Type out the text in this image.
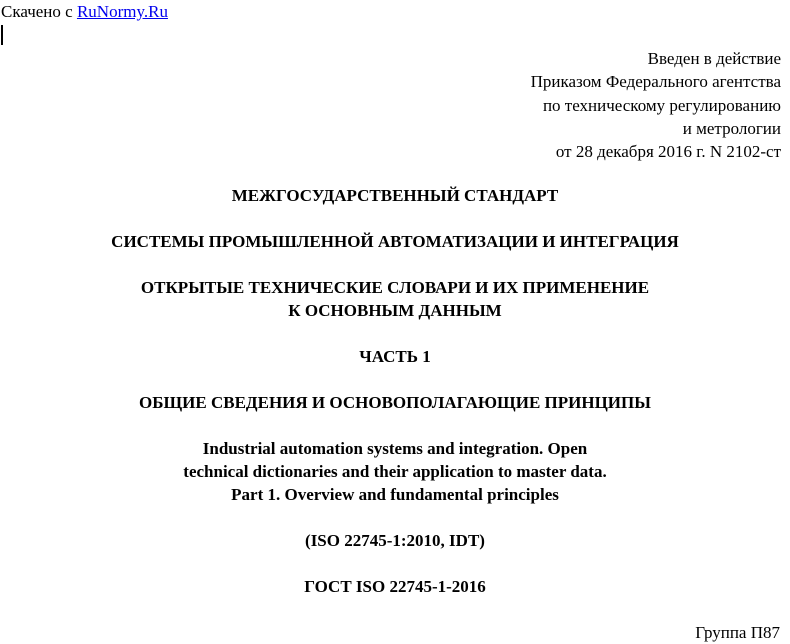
Скачено с RuNormy.Ru
Введен в действие
Приказом Федерального агентства
по техническому регулированию
и метрологии
от 28 декабря 2016 г. N 2102-ст
МЕЖГОСУДАРСТВЕННЫЙ СТАНДАРТ
СИСТЕМЫ ПРОМЫШЛЕННОЙ АВТОМАТИЗАЦИИ И ИНТЕГРАЦИЯ
ОТКРЫТЫЕ ТЕХНИЧЕСКИЕ СЛОВАРИ И ИХ ПРИМЕНЕНИЕ
К ОСНОВНЫМ ДАННЫМ
ЧАСТЬ 1
ОБЩИЕ СВЕДЕНИЯ И ОСНОВОПОЛАГАЮЩИЕ ПРИНЦИПЫ
Industrial automation systems and integration. Open
technical dictionaries and their application to master data.
Part 1. Overview and fundamental principles
(ISO 22745-1:2010, IDT)
ГОСТ ISO 22745-1-2016
Группа П87
